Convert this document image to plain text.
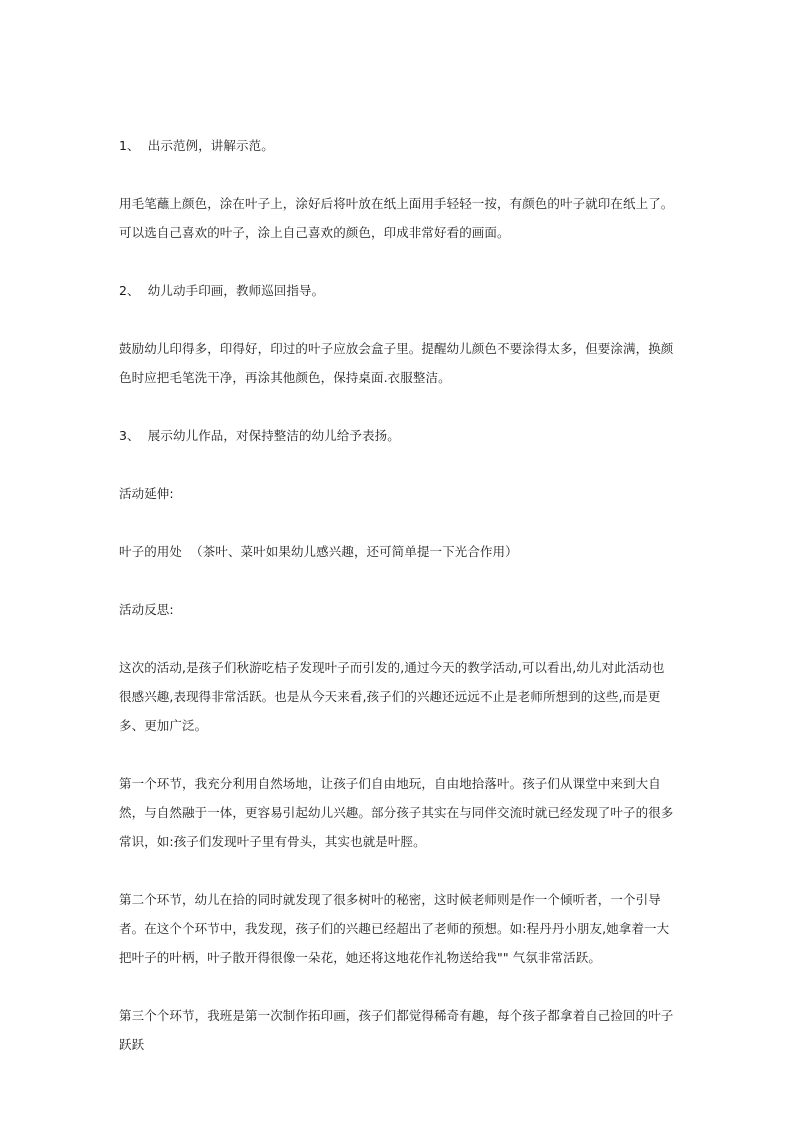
1、  出示范例，讲解示范。

用毛笔蘸上颜色，涂在叶子上，涂好后将叶放在纸上面用手轻轻一按，有颜色的叶子就印在纸上了。可以选自己喜欢的叶子，涂上自己喜欢的颜色，印成非常好看的画面。

2、  幼儿动手印画，教师巡回指导。

鼓励幼儿印得多，印得好，印过的叶子应放会盒子里。提醒幼儿颜色不要涂得太多，但要涂满，换颜色时应把毛笔洗干净，再涂其他颜色，保持桌面.衣服整洁。

3、  展示幼儿作品，对保持整洁的幼儿给予表扬。

活动延伸:

叶子的用处  （茶叶、菜叶如果幼儿感兴趣，还可简单提一下光合作用）

活动反思:

这次的活动,是孩子们秋游吃桔子发现叶子而引发的,通过今天的教学活动,可以看出,幼儿对此活动也很感兴趣,表现得非常活跃。也是从今天来看,孩子们的兴趣还远远不止是老师所想到的这些,而是更多、更加广泛。

第一个环节，我充分利用自然场地，让孩子们自由地玩，自由地拾落叶。孩子们从课堂中来到大自然，与自然融于一体，更容易引起幼儿兴趣。部分孩子其实在与同伴交流时就已经发现了叶子的很多常识，如:孩子们发现叶子里有骨头，其实也就是叶脛。

第二个环节，幼儿在拾的同时就发现了很多树叶的秘密，这时候老师则是作一个倾听者，一个引导者。在这个个环节中，我发现，孩子们的兴趣已经超出了老师的预想。如:程丹丹小朋友,她拿着一大把叶子的叶柄，叶子散开得很像一朵花，她还将这地花作礼物送给我"" 气氛非常活跃。

第三个个环节，我班是第一次制作拓印画，孩子们都觉得稀奇有趣，每个孩子都拿着自己捡回的叶子跃跃
